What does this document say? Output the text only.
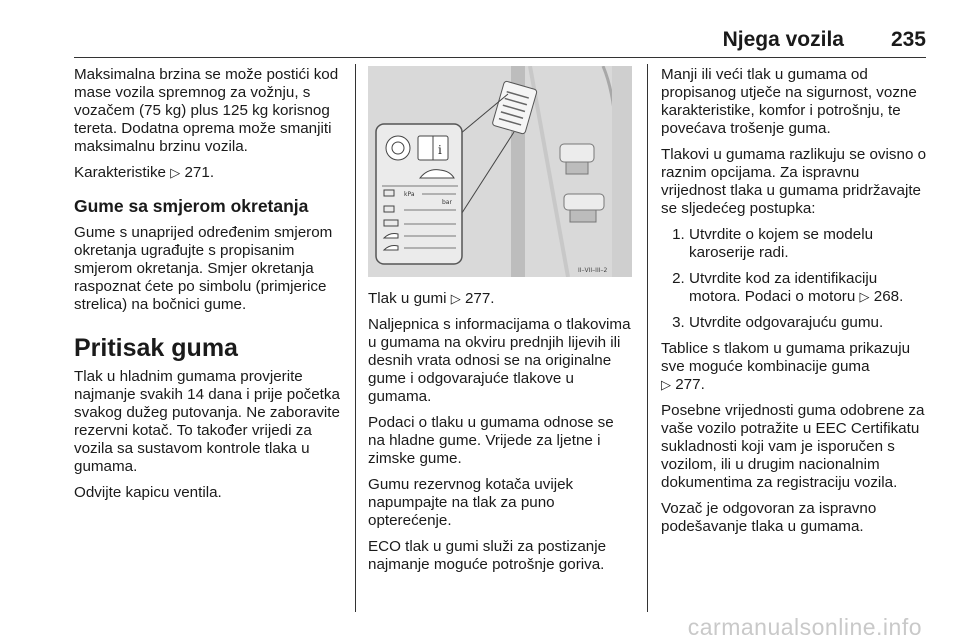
Njega vozila 235

Maksimalna brzina se može postići kod mase vozila spremnog za vožnju, s vozačem (75 kg) plus 125 kg korisnog tereta. Dodatna oprema može smanjiti maksimalnu brzinu vozila.

Karakteristike ▷ 271.

Gume sa smjerom okretanja

Gume s unaprijed određenim smjerom okretanja ugrađujte s propisanim smjerom okretanja. Smjer okretanja raspoznat ćete po simbolu (primjerice strelica) na bočnici gume.

Pritisak guma

Tlak u hladnim gumama provjerite najmanje svakih 14 dana i prije početka svakog dužeg putovanja. Ne zaboravite rezervni kotač. To također vrijedi za vozila sa sustavom kontrole tlaka u gumama.

Odvijte kapicu ventila.

i
kPa
bar
II–VII–III–2

Tlak u gumi ▷ 277.

Naljepnica s informacijama o tlakovima u gumama na okviru prednjih lijevih ili desnih vrata odnosi se na originalne gume i odgovarajuće tlakove u gumama.

Podaci o tlaku u gumama odnose se na hladne gume. Vrijede za ljetne i zimske gume.

Gumu rezervnog kotača uvijek napumpajte na tlak za puno opterećenje.

ECO tlak u gumi služi za postizanje najmanje moguće potrošnje goriva.

Manji ili veći tlak u gumama od propisanog utječe na sigurnost, vozne karakteristike, komfor i potrošnju, te povećava trošenje guma.

Tlakovi u gumama razlikuju se ovisno o raznim opcijama. Za ispravnu vrijednost tlaka u gumama pridržavajte se sljedećeg postupka:

1. Utvrdite o kojem se modelu karoserije radi.
2. Utvrdite kod za identifikaciju motora. Podaci o motoru ▷ 268.
3. Utvrdite odgovarajuću gumu.

Tablice s tlakom u gumama prikazuju sve moguće kombinacije guma
▷ 277.

Posebne vrijednosti guma odobrene za vaše vozilo potražite u EEC Certifikatu sukladnosti koji vam je isporučen s vozilom, ili u drugim nacionalnim dokumentima za registraciju vozila.

Vozač je odgovoran za ispravno podešavanje tlaka u gumama.

carmanualsonline.info
